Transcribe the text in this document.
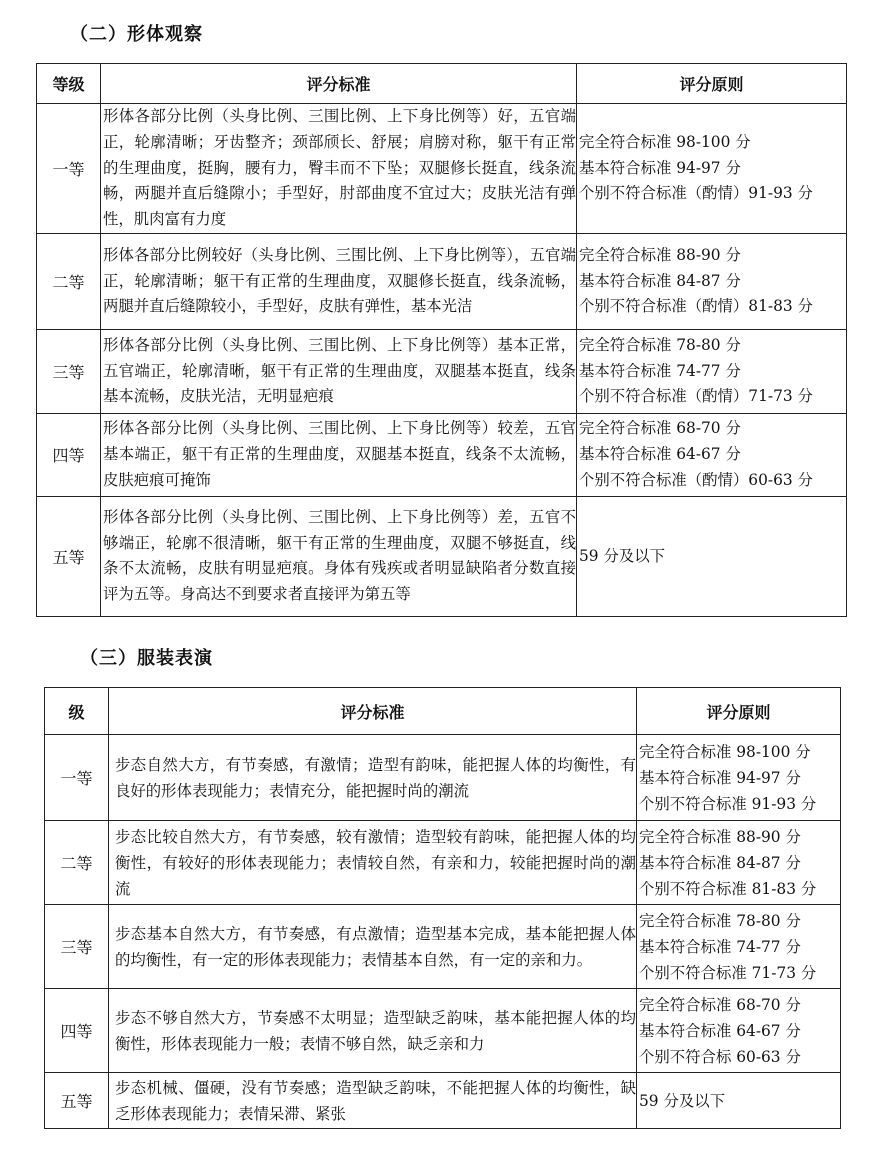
（二）形体观察
等级	评分标准	评分原则
一等	形体各部分比例（头身比例、三围比例、上下身比例等）好，五官端正，轮廓清晰；牙齿整齐；颈部颀长、舒展；肩膀对称，躯干有正常的生理曲度，挺胸，腰有力，臀丰而不下坠；双腿修长挺直，线条流畅，两腿并直后缝隙小；手型好，肘部曲度不宜过大；皮肤光洁有弹性，肌肉富有力度	完全符合标准 98-100 分
基本符合标准 94-97 分
个别不符合标准（酌情）91-93 分

二等	形体各部分比例较好（头身比例、三围比例、上下身比例等），五官端正，轮廓清晰；躯干有正常的生理曲度，双腿修长挺直，线条流畅，两腿并直后缝隙较小，手型好，皮肤有弹性，基本光洁	完全符合标准 88-90 分
基本符合标准 84-87 分
个别不符合标准（酌情）81-83 分

三等	形体各部分比例（头身比例、三围比例、上下身比例等）基本正常，五官端正，轮廓清晰，躯干有正常的生理曲度，双腿基本挺直，线条基本流畅，皮肤光洁，无明显疤痕	完全符合标准 78-80 分
基本符合标准 74-77 分
个别不符合标准（酌情）71-73 分

四等	形体各部分比例（头身比例、三围比例、上下身比例等）较差，五官基本端正，躯干有正常的生理曲度，双腿基本挺直，线条不太流畅，皮肤疤痕可掩饰	完全符合标准 68-70 分
基本符合标准 64-67 分
个别不符合标准（酌情）60-63 分

五等	形体各部分比例（头身比例、三围比例、上下身比例等）差，五官不够端正，轮廓不很清晰，躯干有正常的生理曲度，双腿不够挺直，线条不太流畅，皮肤有明显疤痕。身体有残疾或者明显缺陷者分数直接评为五等。身高达不到要求者直接评为第五等	59 分及以下
（三）服装表演
级	评分标准	评分原则
一等	步态自然大方，有节奏感，有激情；造型有韵味，能把握人体的均衡性，有良好的形体表现能力；表情充分，能把握时尚的潮流	完全符合标准 98-100 分
基本符合标准 94-97 分
个别不符合标准 91-93 分

二等	步态比较自然大方，有节奏感，较有激情；造型较有韵味，能把握人体的均衡性，有较好的形体表现能力；表情较自然，有亲和力，较能把握时尚的潮流	完全符合标准 88-90 分
基本符合标准 84-87 分
个别不符合标准 81-83 分

三等	步态基本自然大方，有节奏感，有点激情；造型基本完成，基本能把握人体的均衡性，有一定的形体表现能力；表情基本自然，有一定的亲和力。	完全符合标准 78-80 分
基本符合标准 74-77 分
个别不符合标准 71-73 分

四等	步态不够自然大方，节奏感不太明显；造型缺乏韵味，基本能把握人体的均衡性，形体表现能力一般；表情不够自然，缺乏亲和力	完全符合标准 68-70 分
基本符合标准 64-67 分
个别不符合标 60-63 分

五等	步态机械、僵硬，没有节奏感；造型缺乏韵味，不能把握人体的均衡性，缺乏形体表现能力；表情呆滞、紧张	59 分及以下
